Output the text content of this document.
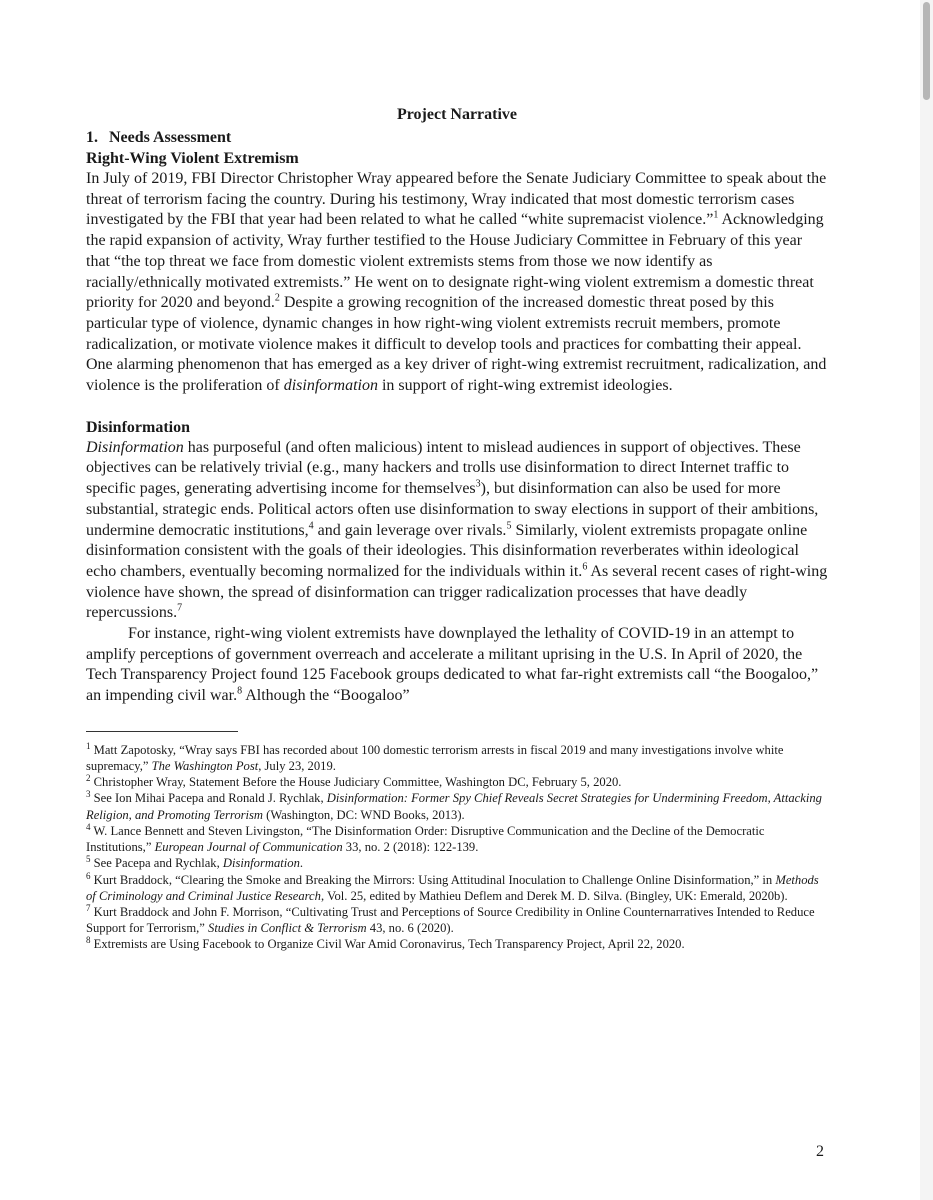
Project Narrative
1. Needs Assessment
Right-Wing Violent Extremism

In July of 2019, FBI Director Christopher Wray appeared before the Senate Judiciary Committee to speak about the threat of terrorism facing the country. During his testimony, Wray indicated that most domestic terrorism cases investigated by the FBI that year had been related to what he called “white supremacist violence.”$^1$ Acknowledging the rapid expansion of activity, Wray further testified to the House Judiciary Committee in February of this year that “the top threat we face from domestic violent extremists stems from those we now identify as racially/ethnically motivated extremists.” He went on to designate right-wing violent extremism a domestic threat priority for 2020 and beyond.$^2$ Despite a growing recognition of the increased domestic threat posed by this particular type of violence, dynamic changes in how right-wing violent extremists recruit members, promote radicalization, or motivate violence makes it difficult to develop tools and practices for combatting their appeal. One alarming phenomenon that has emerged as a key driver of right-wing extremist recruitment, radicalization, and violence is the proliferation of disinformation in support of right-wing extremist ideologies.

Disinformation

Disinformation has purposeful (and often malicious) intent to mislead audiences in support of objectives. These objectives can be relatively trivial (e.g., many hackers and trolls use disinformation to direct Internet traffic to specific pages, generating advertising income for themselves$^3$), but disinformation can also be used for more substantial, strategic ends. Political actors often use disinformation to sway elections in support of their ambitions, undermine democratic institutions,$^4$ and gain leverage over rivals.$^5$ Similarly, violent extremists propagate online disinformation consistent with the goals of their ideologies. This disinformation reverberates within ideological echo chambers, eventually becoming normalized for the individuals within it.$^6$ As several recent cases of right-wing violence have shown, the spread of disinformation can trigger radicalization processes that have deadly repercussions.$^7$

For instance, right-wing violent extremists have downplayed the lethality of COVID-19 in an attempt to amplify perceptions of government overreach and accelerate a militant uprising in the U.S. In April of 2020, the Tech Transparency Project found 125 Facebook groups dedicated to what far-right extremists call “the Boogaloo,” an impending civil war.$^8$ Although the “Boogaloo”

$^1$ Matt Zapotosky, “Wray says FBI has recorded about 100 domestic terrorism arrests in fiscal 2019 and many investigations involve white supremacy,” The Washington Post, July 23, 2019.

$^2$ Christopher Wray, Statement Before the House Judiciary Committee, Washington DC, February 5, 2020.

$^3$ See Ion Mihai Pacepa and Ronald J. Rychlak, Disinformation: Former Spy Chief Reveals Secret Strategies for Undermining Freedom, Attacking Religion, and Promoting Terrorism (Washington, DC: WND Books, 2013).

$^4$ W. Lance Bennett and Steven Livingston, “The Disinformation Order: Disruptive Communication and the Decline of the Democratic Institutions,” European Journal of Communication 33, no. 2 (2018): 122-139.

$^5$ See Pacepa and Rychlak, Disinformation.

$^6$ Kurt Braddock, “Clearing the Smoke and Breaking the Mirrors: Using Attitudinal Inoculation to Challenge Online Disinformation,” in Methods of Criminology and Criminal Justice Research, Vol. 25, edited by Mathieu Deflem and Derek M. D. Silva. (Bingley, UK: Emerald, 2020b).

$^7$ Kurt Braddock and John F. Morrison, “Cultivating Trust and Perceptions of Source Credibility in Online Counternarratives Intended to Reduce Support for Terrorism,” Studies in Conflict & Terrorism 43, no. 6 (2020).

$^8$ Extremists are Using Facebook to Organize Civil War Amid Coronavirus, Tech Transparency Project, April 22, 2020.

2
